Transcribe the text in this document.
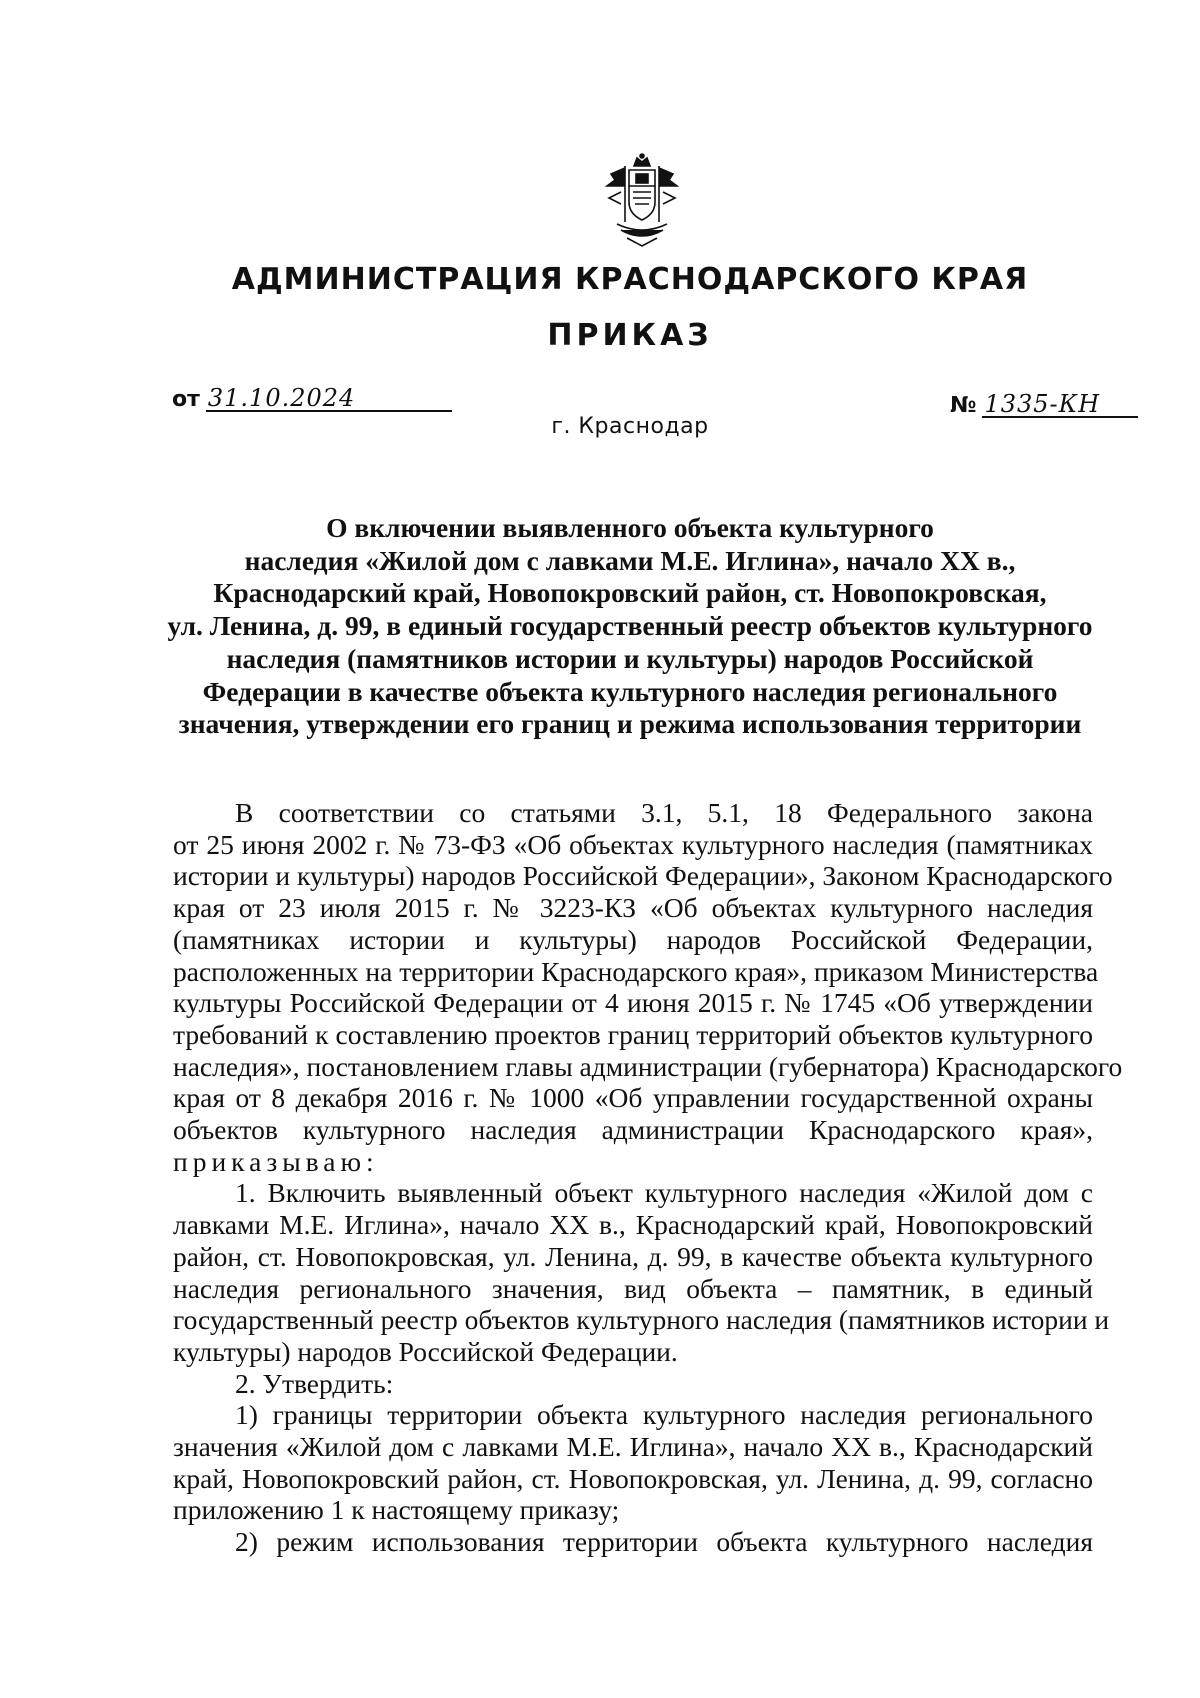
АДМИНИСТРАЦИЯ КРАСНОДАРСКОГО КРАЯ
ПРИКАЗ
от 31.10.2024	№ 1335-КН
г. Краснодар
О включении выявленного объекта культурного
наследия «Жилой дом с лавками М.Е. Иглина», начало XX в.,
Краснодарский край, Новопокровский район, ст. Новопокровская,
ул. Ленина, д. 99, в единый государственный реестр объектов культурного
наследия (памятников истории и культуры) народов Российской
Федерации в качестве объекта культурного наследия регионального
значения, утверждении его границ и режима использования территории
В соответствии со статьями 3.1, 5.1, 18 Федерального закона
от 25 июня 2002 г. № 73-ФЗ «Об объектах культурного наследия (памятниках
истории и культуры) народов Российской Федерации», Законом Краснодарского
края от 23 июля 2015 г. № 3223-КЗ «Об объектах культурного наследия
(памятниках истории и культуры) народов Российской Федерации,
расположенных на территории Краснодарского края», приказом Министерства
культуры Российской Федерации от 4 июня 2015 г. № 1745 «Об утверждении
требований к составлению проектов границ территорий объектов культурного
наследия», постановлением главы администрации (губернатора) Краснодарского
края от 8 декабря 2016 г. № 1000 «Об управлении государственной охраны
объектов культурного наследия администрации Краснодарского края»,
приказываю:
1. Включить выявленный объект культурного наследия «Жилой дом с
лавками М.Е. Иглина», начало XX в., Краснодарский край, Новопокровский
район, ст. Новопокровская, ул. Ленина, д. 99, в качестве объекта культурного
наследия регионального значения, вид объекта – памятник, в единый
государственный реестр объектов культурного наследия (памятников истории и
культуры) народов Российской Федерации.
2. Утвердить:
1) границы территории объекта культурного наследия регионального
значения «Жилой дом с лавками М.Е. Иглина», начало XX в., Краснодарский
край, Новопокровский район, ст. Новопокровская, ул. Ленина, д. 99, согласно
приложению 1 к настоящему приказу;
2) режим использования территории объекта культурного наследия
